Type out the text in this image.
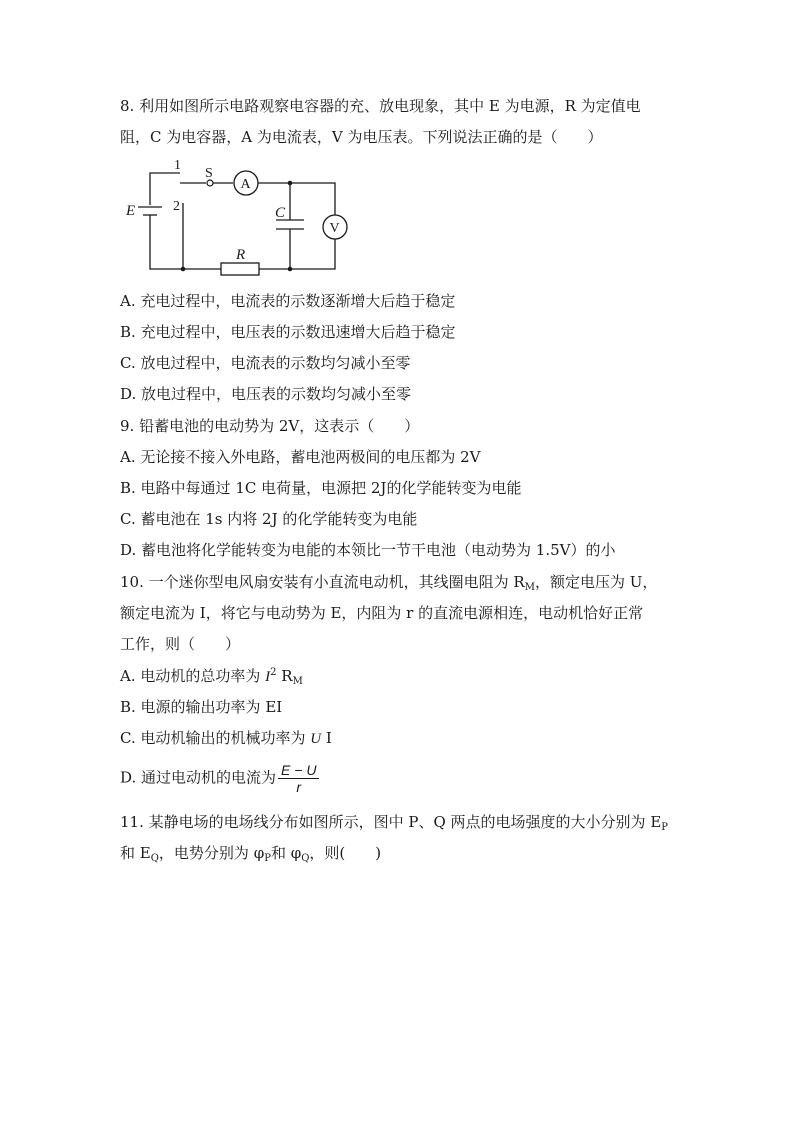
8. 利用如图所示电路观察电容器的充、放电现象，其中 E 为电源，R 为定值电
阻，C 为电容器，A 为电流表，V 为电压表。下列说法正确的是（　　）
1
2
S
E	C
R
A
V
A. 充电过程中，电流表的示数逐渐增大后趋于稳定
B. 充电过程中，电压表的示数迅速增大后趋于稳定
C. 放电过程中，电流表的示数均匀减小至零
D. 放电过程中，电压表的示数均匀减小至零
9. 铅蓄电池的电动势为 2V，这表示（　　）
A. 无论接不接入外电路，蓄电池两极间的电压都为 2V
B. 电路中每通过 1C 电荷量，电源把 2J的化学能转变为电能
C. 蓄电池在 1s 内将 2J 的化学能转变为电能
D. 蓄电池将化学能转变为电能的本领比一节干电池（电动势为 1.5V）的小
10. 一个迷你型电风扇安装有小直流电动机，其线圈电阻为 $R_M$，额定电压为 U，
额定电流为 I，将它与电动势为 E，内阻为 r 的直流电源相连，电动机恰好正常
工作，则（　　）
A. 电动机的总功率为 $I^2$ $R_M$
B. 电源的输出功率为 EI
C. 电动机输出的机械功率为 U I
D. 通过电动机的电流为 $\frac{E - U}{r}$
11. 某静电场的电场线分布如图所示，图中 P、Q 两点的电场强度的大小分别为 $E_P$
和 $E_Q$，电势分别为 $\varphi_P$和 $\varphi_Q$，则(　　)
